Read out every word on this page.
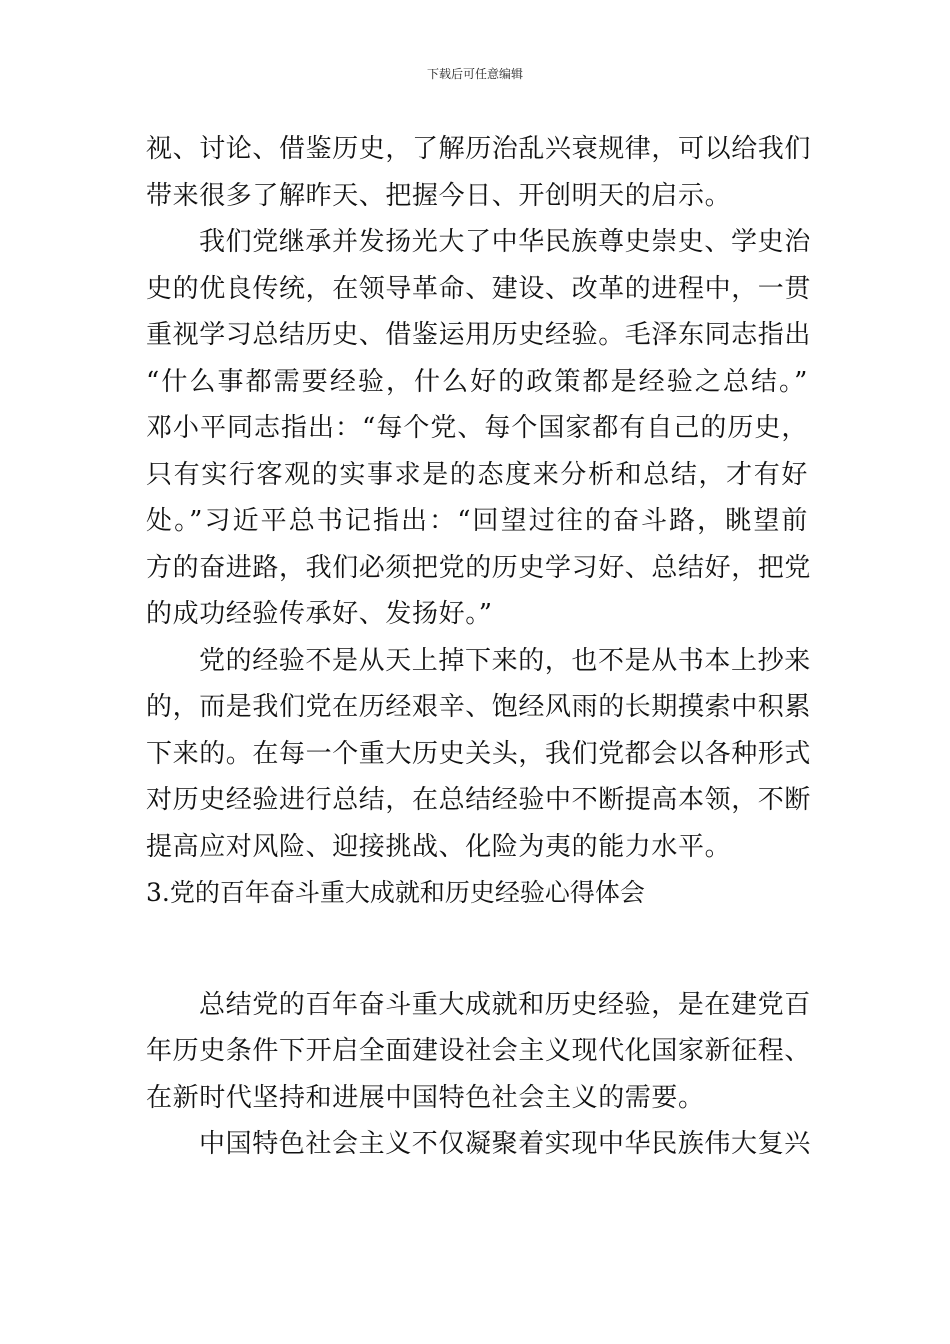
下载后可任意编辑
视、讨论、借鉴历史，了解历治乱兴衰规律，可以给我们
带来很多了解昨天、把握今日、开创明天的启示。
我们党继承并发扬光大了中华民族尊史崇史、学史治
史的优良传统，在领导革命、建设、改革的进程中，一贯
重视学习总结历史、借鉴运用历史经验。毛泽东同志指出
“什么事都需要经验，什么好的政策都是经验之总结。”
邓小平同志指出：“每个党、每个国家都有自己的历史，
只有实行客观的实事求是的态度来分析和总结，才有好
处。”习近平总书记指出：“回望过往的奋斗路，眺望前
方的奋进路，我们必须把党的历史学习好、总结好，把党
的成功经验传承好、发扬好。”
党的经验不是从天上掉下来的，也不是从书本上抄来
的，而是我们党在历经艰辛、饱经风雨的长期摸索中积累
下来的。在每一个重大历史关头，我们党都会以各种形式
对历史经验进行总结，在总结经验中不断提高本领，不断
提高应对风险、迎接挑战、化险为夷的能力水平。
3.党的百年奋斗重大成就和历史经验心得体会
总结党的百年奋斗重大成就和历史经验，是在建党百
年历史条件下开启全面建设社会主义现代化国家新征程、
在新时代坚持和进展中国特色社会主义的需要。
中国特色社会主义不仅凝聚着实现中华民族伟大复兴
